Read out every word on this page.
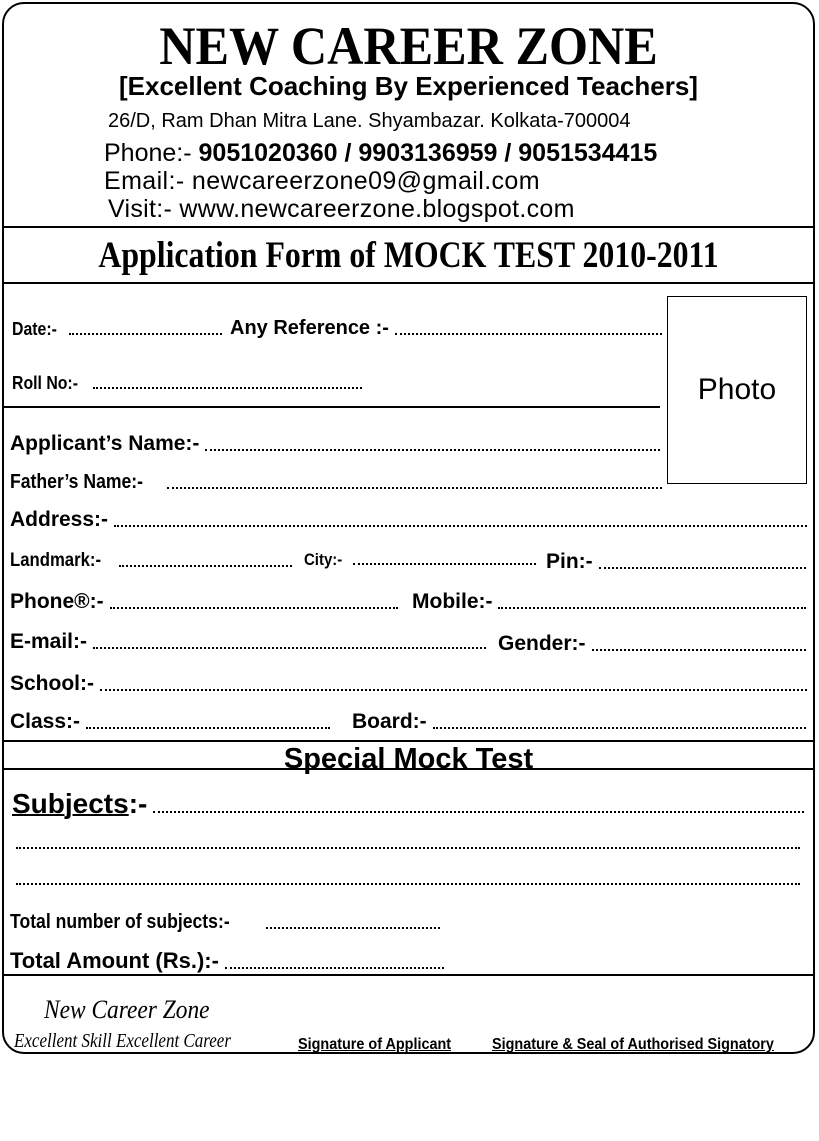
NEW CAREER ZONE
[Excellent Coaching By Experienced Teachers]
26/D, Ram Dhan Mitra Lane. Shyambazar. Kolkata-700004
Phone:- 9051020360 / 9903136959 / 9051534415
Email:- newcareerzone09@gmail.com
Visit:- www.newcareerzone.blogspot.com
Application Form of MOCK TEST 2010-2011
Photo
Date:-	Any Reference :-
Roll No:-
Applicant’s Name:-
Father’s Name:-
Address:-
Landmark:-	City:-	Pin:-
Phone®:-	Mobile:-
E-mail:-	Gender:-
School:-
Class:-	Board:-
Special Mock Test
Subjects:-
Total number of subjects:-
Total Amount (Rs.):-
New Career Zone
Excellent Skill Excellent Career	Signature of Applicant	Signature & Seal of Authorised Signatory
